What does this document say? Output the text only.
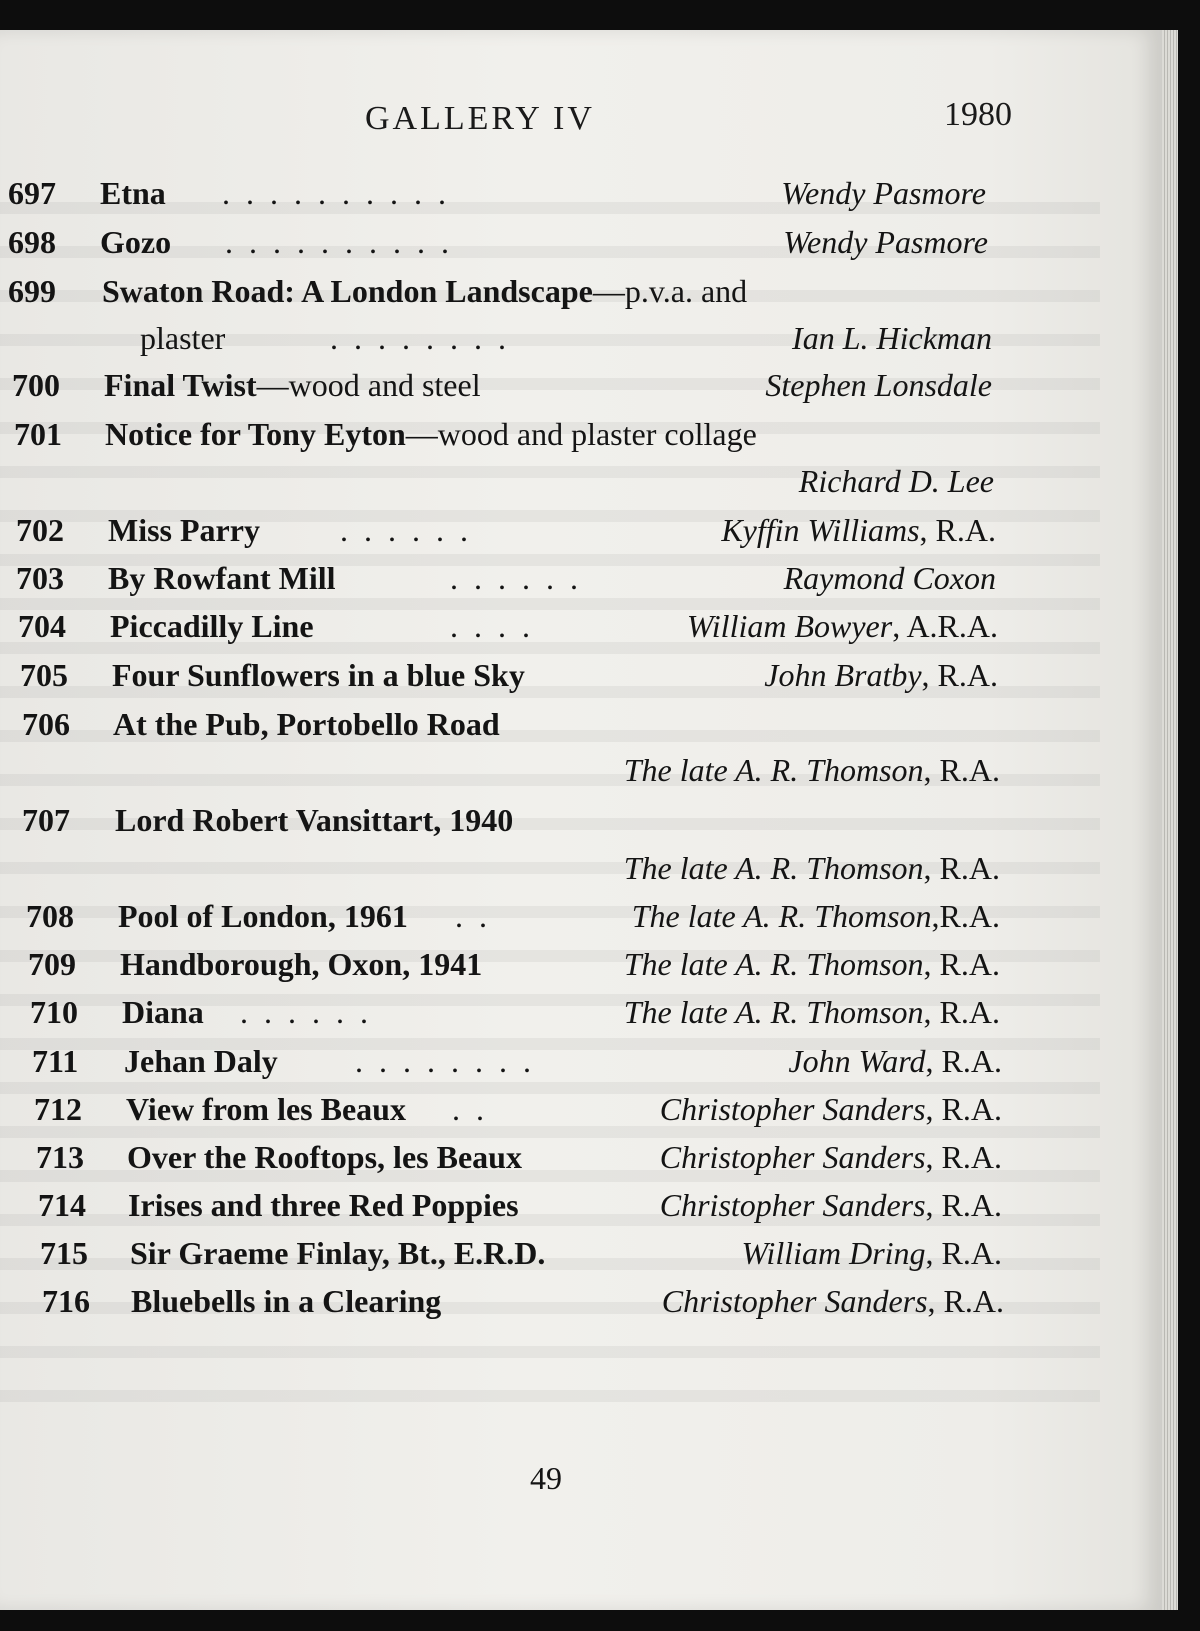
GALLERY IV	1980
697 Etna . . . . . . . . . .	Wendy Pasmore
698 Gozo . . . . . . . . . .	Wendy Pasmore
699 Swaton Road: A London Landscape—p.v.a. and
plaster	. . . . . . . .	Ian L. Hickman
700 Final Twist—wood and steel	Stephen Lonsdale
701 Notice for Tony Eyton—wood and plaster collage
Richard D. Lee
702 Miss Parry	. . . . . .	Kyffin Williams, R.A.
703 By Rowfant Mill	. . . . . .	Raymond Coxon
704 Piccadilly Line	. . . .	William Bowyer, A.R.A.
705 Four Sunflowers in a blue Sky	John Bratby, R.A.
706 At the Pub, Portobello Road
The late A. R. Thomson, R.A.
707 Lord Robert Vansittart, 1940
The late A. R. Thomson, R.A.
708 Pool of London, 1961 . .	The late A. R. Thomson,R.A.
709 Handborough, Oxon, 1941	The late A. R. Thomson, R.A.
710 Diana . . . . . .	The late A. R. Thomson, R.A.
711 Jehan Daly . . . . . . . .	John Ward, R.A.
712 View from les Beaux . .	Christopher Sanders, R.A.
713 Over the Rooftops, les Beaux	Christopher Sanders, R.A.
714 Irises and three Red Poppies	Christopher Sanders, R.A.
715 Sir Graeme Finlay, Bt., E.R.D.	William Dring, R.A.
716 Bluebells in a Clearing	Christopher Sanders, R.A.
49
